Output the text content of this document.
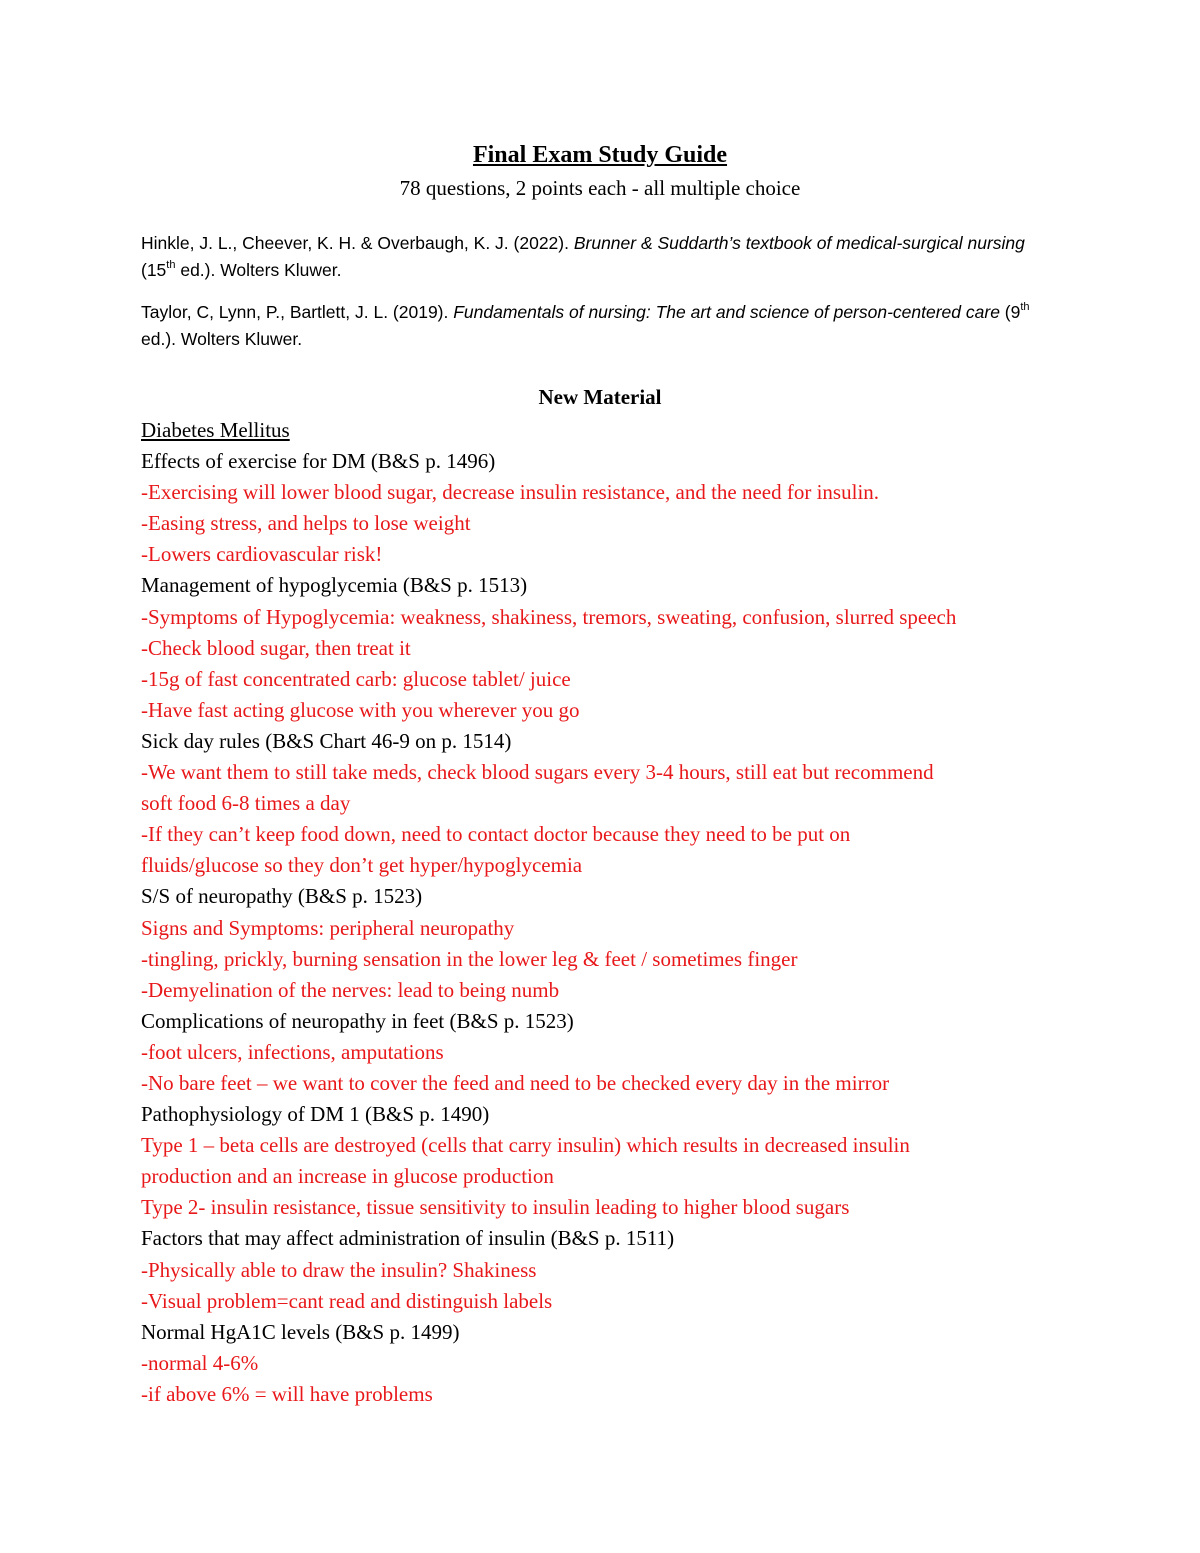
Final Exam Study Guide
78 questions, 2 points each - all multiple choice
Hinkle, J. L., Cheever, K. H. & Overbaugh, K. J. (2022). Brunner & Suddarth’s textbook of medical-surgical nursing (15th ed.). Wolters Kluwer.
Taylor, C, Lynn, P., Bartlett, J. L. (2019). Fundamentals of nursing: The art and science of person-centered care (9th ed.). Wolters Kluwer.
New Material
Diabetes Mellitus
Effects of exercise for DM (B&S p. 1496)
-Exercising will lower blood sugar, decrease insulin resistance, and the need for insulin.
-Easing stress, and helps to lose weight
-Lowers cardiovascular risk!
Management of hypoglycemia (B&S p. 1513)
-Symptoms of Hypoglycemia: weakness, shakiness, tremors, sweating, confusion, slurred speech
-Check blood sugar, then treat it
-15g of fast concentrated carb: glucose tablet/ juice
-Have fast acting glucose with you wherever you go
Sick day rules (B&S Chart 46-9 on p. 1514)
-We want them to still take meds, check blood sugars every 3-4 hours, still eat but recommend
soft food 6-8 times a day
-If they can’t keep food down, need to contact doctor because they need to be put on
fluids/glucose so they don’t get hyper/hypoglycemia
S/S of neuropathy (B&S p. 1523)
Signs and Symptoms: peripheral neuropathy
-tingling, prickly, burning sensation in the lower leg & feet / sometimes finger
-Demyelination of the nerves: lead to being numb
Complications of neuropathy in feet (B&S p. 1523)
-foot ulcers, infections, amputations
-No bare feet – we want to cover the feed and need to be checked every day in the mirror
Pathophysiology of DM 1 (B&S p. 1490)
Type 1 – beta cells are destroyed (cells that carry insulin) which results in decreased insulin
production and an increase in glucose production
Type 2- insulin resistance, tissue sensitivity to insulin leading to higher blood sugars
Factors that may affect administration of insulin (B&S p. 1511)
-Physically able to draw the insulin? Shakiness
-Visual problem=cant read and distinguish labels
Normal HgA1C levels (B&S p. 1499)
-normal 4-6%
-if above 6% = will have problems
